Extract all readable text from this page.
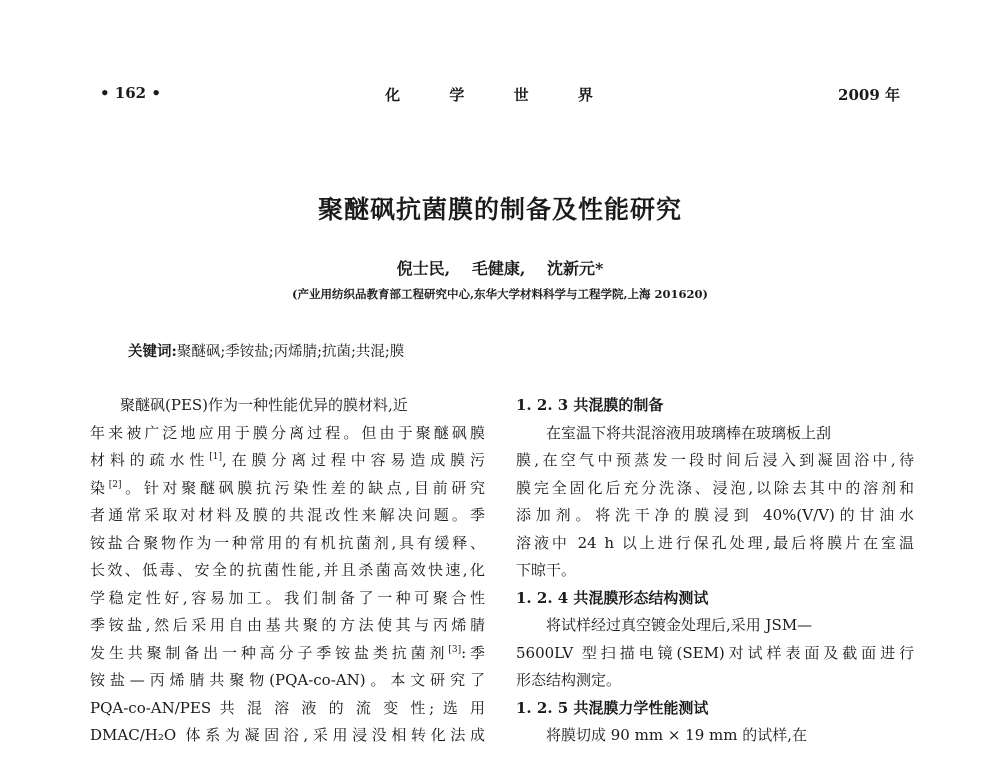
• 162 •	化 学 世 界	2009 年
聚醚砜抗菌膜的制备及性能研究
倪士民, 毛健康, 沈新元*
(产业用纺织品教育部工程研究中心,东华大学材料科学与工程学院,上海 201620)
关键词:聚醚砜;季铵盐;丙烯腈;抗菌;共混;膜
聚醚砜(PES)作为一种性能优异的膜材料,近
年来被广泛地应用于膜分离过程。但由于聚醚砜膜
材料的疏水性[1],在膜分离过程中容易造成膜污
染[2]。针对聚醚砜膜抗污染性差的缺点,目前研究
者通常采取对材料及膜的共混改性来解决问题。季
铵盐合聚物作为一种常用的有机抗菌剂,具有缓释、
长效、低毒、安全的抗菌性能,并且杀菌高效快速,化
学稳定性好,容易加工。我们制备了一种可聚合性
季铵盐,然后采用自由基共聚的方法使其与丙烯腈
发生共聚制备出一种高分子季铵盐类抗菌剂[3]:季
铵盐—丙烯腈共聚物(PQA-co-AN)。本文研究了
PQA-co-AN/PES 共 混 溶 液 的 流 变 性; 选 用
DMAC/H₂O 体系为凝固浴,采用浸没相转化法成
1. 2. 3 共混膜的制备
在室温下将共混溶液用玻璃棒在玻璃板上刮
膜,在空气中预蒸发一段时间后浸入到凝固浴中,待
膜完全固化后充分洗涤、浸泡,以除去其中的溶剂和
添加剂。将洗干净的膜浸到 40%(V/V)的甘油水
溶液中 24 h 以上进行保孔处理,最后将膜片在室温
下晾干。
1. 2. 4 共混膜形态结构测试
将试样经过真空镀金处理后,采用 JSM—
5600LV 型扫描电镜(SEM)对试样表面及截面进行
形态结构测定。
1. 2. 5 共混膜力学性能测试
将膜切成 90 mm × 19 mm 的试样,在
